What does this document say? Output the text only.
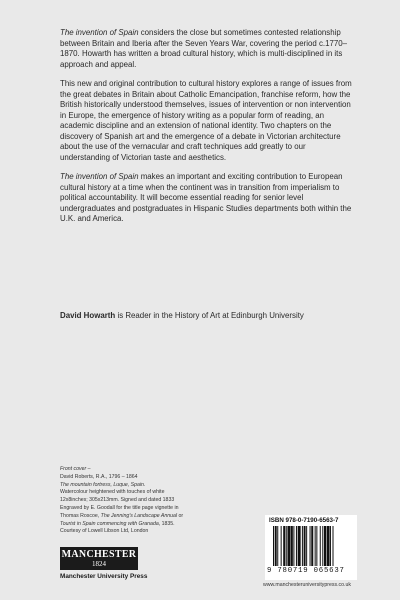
The invention of Spain considers the close but sometimes contested relationship between Britain and Iberia after the Seven Years War, covering the period c.1770–1870. Howarth has written a broad cultural history, which is multi-disciplined in its approach and appeal.

This new and original contribution to cultural history explores a range of issues from the great debates in Britain about Catholic Emancipation, franchise reform, how the British historically understood themselves, issues of intervention or non intervention in Europe, the emergence of history writing as a popular form of reading, an academic discipline and an extension of national identity. Two chapters on the discovery of Spanish art and the emergence of a debate in Victorian architecture about the use of the vernacular and craft techniques add greatly to our understanding of Victorian taste and aesthetics.

The invention of Spain makes an important and exciting contribution to European cultural history at a time when the continent was in transition from imperialism to political accountability. It will become essential reading for senior level undergraduates and postgraduates in Hispanic Studies departments both within the U.K. and America.

David Howarth is Reader in the History of Art at Edinburgh University
Front cover –
David Roberts, R.A., 1796 – 1864
The mountain fortress, Luque, Spain.
Watercolour heightened with touches of white
12x8inches; 305x213mm. Signed and dated 1833
Engraved by E. Goodall for the title page vignette in
Thomas Roscoe, The Jenning's Landscape Annual or
Tourist in Spain commencing with Granada, 1835.
Courtesy of Lowell Libson Ltd, London
MANCHESTER
1824
Manchester University Press
ISBN 978-0-7190-6563-7
9 780719 065637
www.manchesteruniversitypress.co.uk
